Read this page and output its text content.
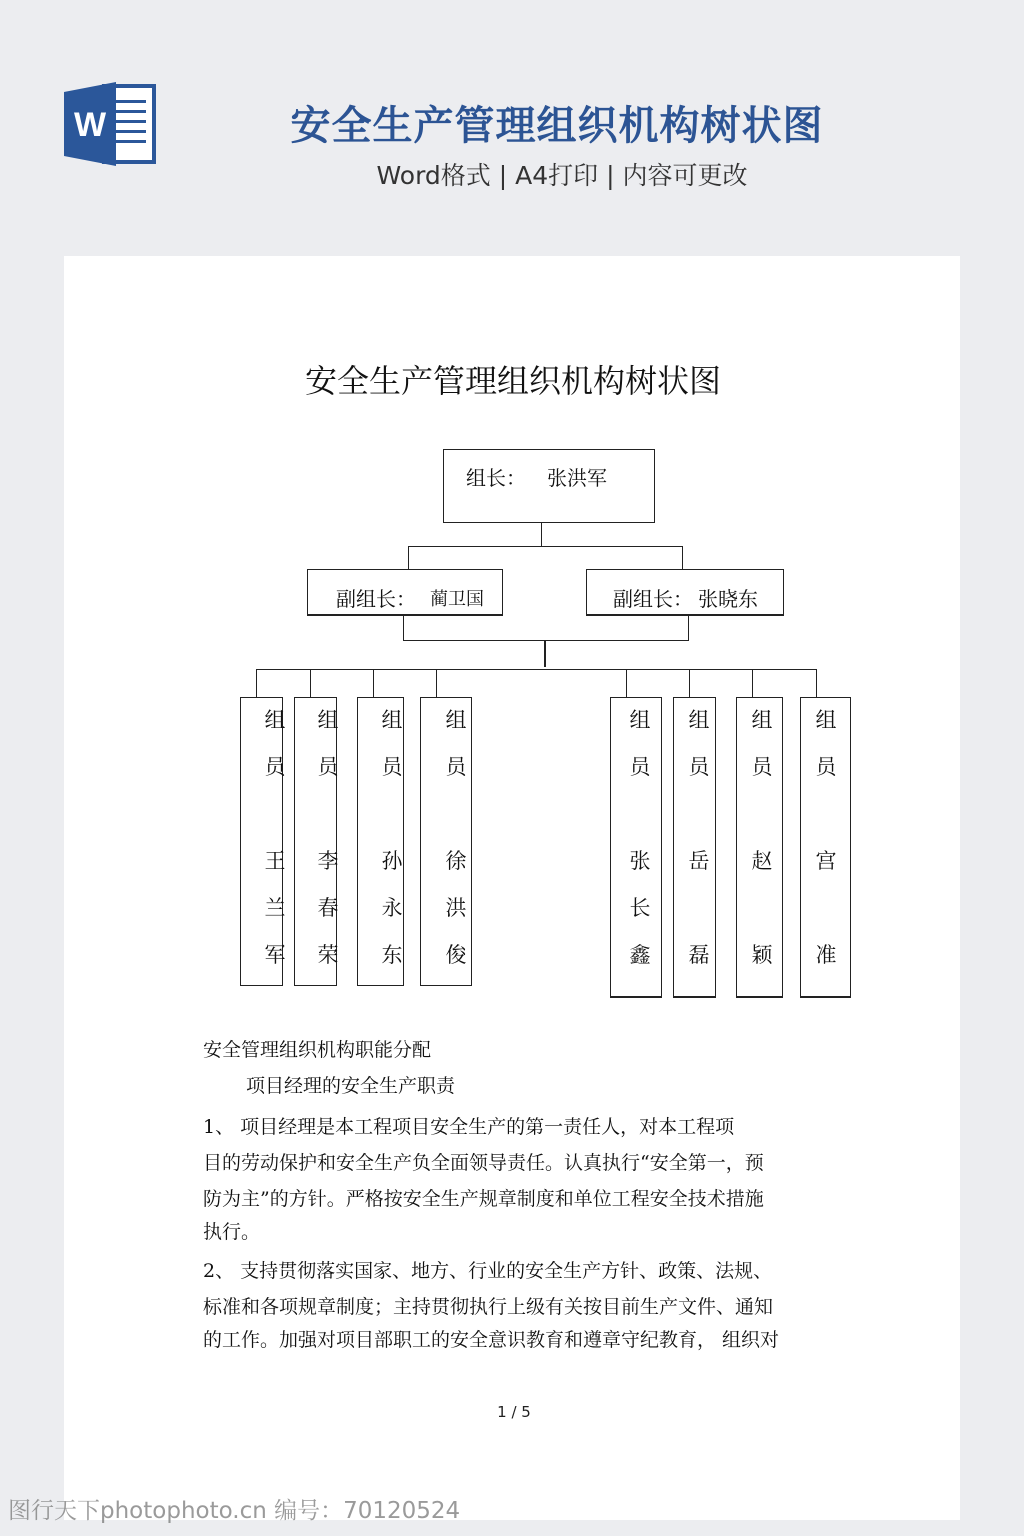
W	安全生产管理组织机构树状图
Word格式 | A4打印 | 内容可更改
安全生产管理组织机构树状图
组长： 张洪军
副组长： 蔺卫国	副组长： 张晓东
组
员
王
兰
军
组
员
李
春
荣
组
员
孙
永
东
组
员
徐
洪
俊
组
员
张
长
鑫
组
员
岳
磊
组
员
赵
颖
组
员
宫
准
安全管理组织机构职能分配
项目经理的安全生产职责
1、 项目经理是本工程项目安全生产的第一责任人，对本工程项
目的劳动保护和安全生产负全面领导责任。认真执行“安全第一，预
防为主”的方针。严格按安全生产规章制度和单位工程安全技术措施
执行。
2、 支持贯彻落实国家、地方、行业的安全生产方针、政策、法规、
标准和各项规章制度；主持贯彻执行上级有关按目前生产文件、通知
的工作。加强对项目部职工的安全意识教育和遵章守纪教育， 组织对
1 / 5
图行天下photophoto.cn 编号：70120524
